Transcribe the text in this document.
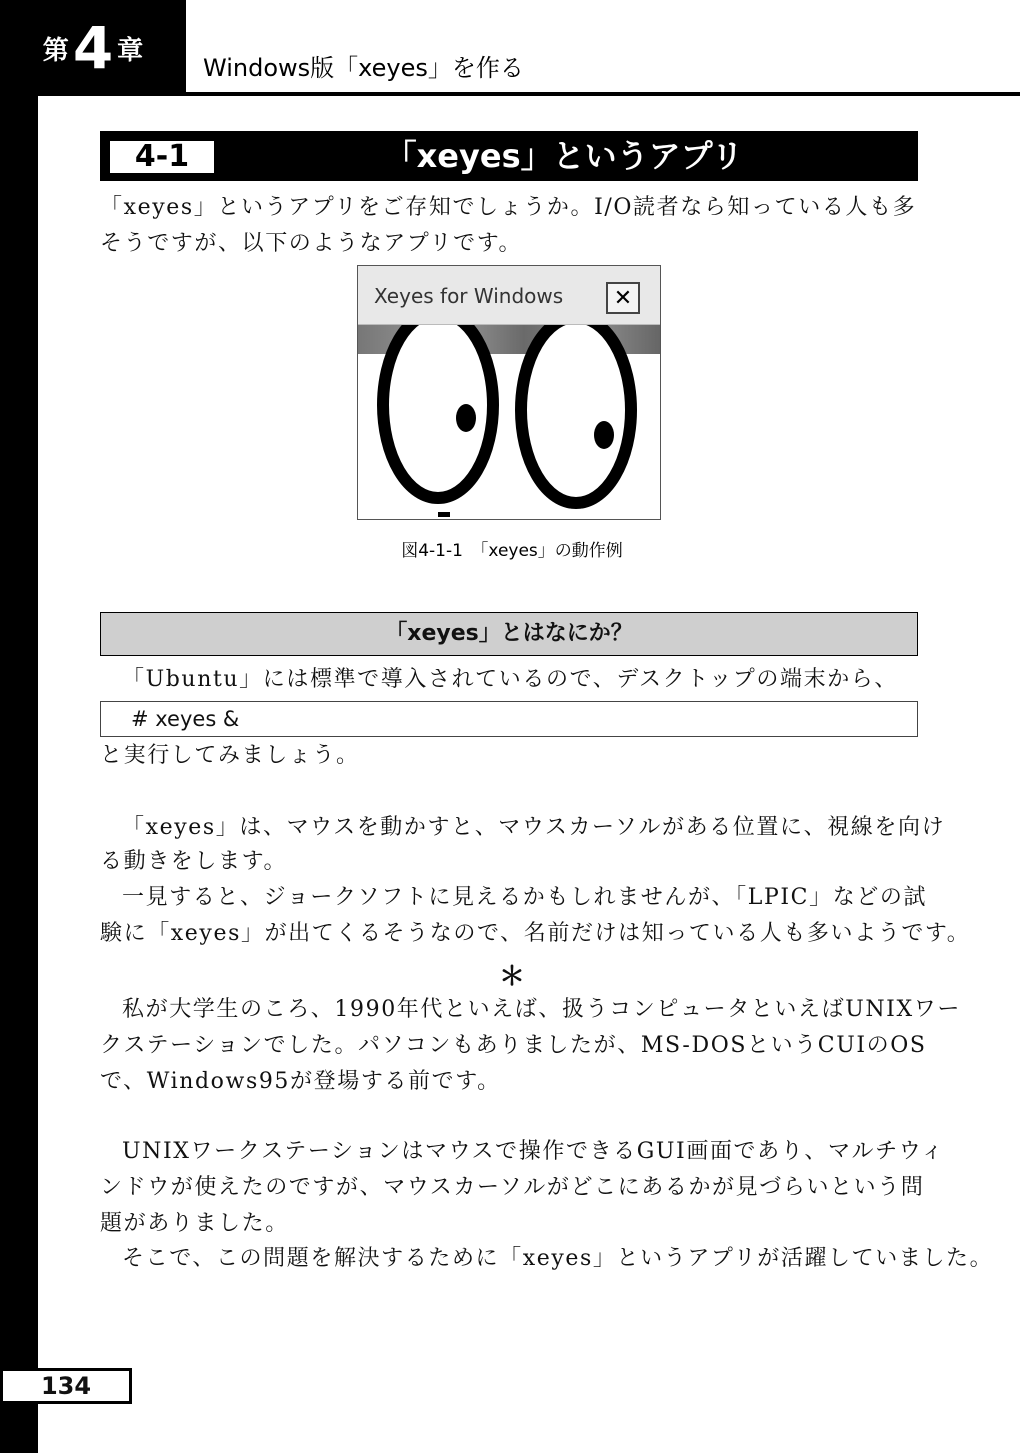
第 4 章
Windows版「xeyes」を作る
4-1	「xeyes」というアプリ

「xeyes」というアプリをご存知でしょうか。I/O読者なら知っている人も多

そうですが、以下のようなアプリです。

Xeyes for Windows	✕
図4-1-1　「xeyes」の動作例
「xeyes」とはなにか？

「Ubuntu」には標準で導入されているので、デスクトップの端末から、

# xeyes &

と実行してみましょう。

「xeyes」は、マウスを動かすと、マウスカーソルがある位置に、視線を向け

る動きをします。

一見すると、ジョークソフトに見えるかもしれませんが、「LPIC」などの試

験に「xeyes」が出てくるそうなので、名前だけは知っている人も多いようです。

＊

私が大学生のころ、1990年代といえば、扱うコンピュータといえばUNIXワー

クステーションでした。パソコンもありましたが、MS-DOSというCUIのOS

で、Windows95が登場する前です。

UNIXワークステーションはマウスで操作できるGUI画面であり、マルチウィ

ンドウが使えたのですが、マウスカーソルがどこにあるかが見づらいという問

題がありました。

そこで、この問題を解決するために「xeyes」というアプリが活躍していました。

134
